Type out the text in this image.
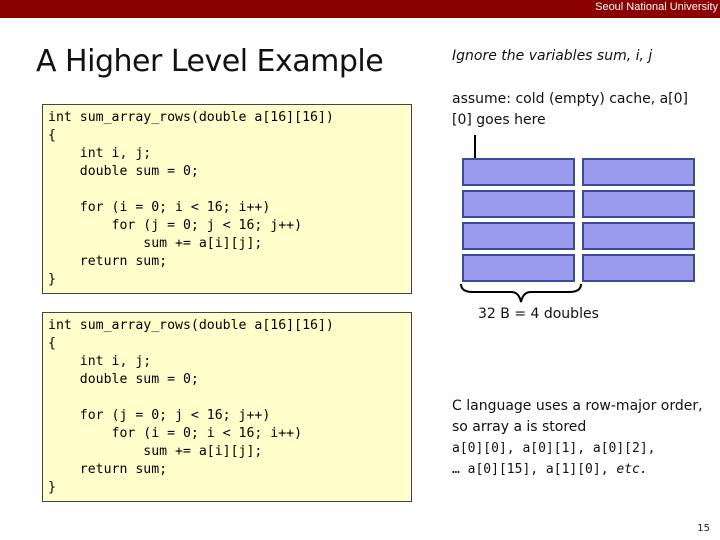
Seoul National University
A Higher Level Example
int sum_array_rows(double a[16][16])
{
int i, j;
double sum = 0;

for (i = 0; i < 16; i++)
for (j = 0; j < 16; j++)
sum += a[i][j];
return sum;
}
int sum_array_rows(double a[16][16])
{
int i, j;
double sum = 0;

for (j = 0; j < 16; j++)
for (i = 0; i < 16; i++)
sum += a[i][j];
return sum;
}
Ignore the variables sum, i, j
assume: cold (empty) cache, a[0][0] goes here
32 B = 4 doubles
C language uses a row-major order, so array a is stored
a[0][0], a[0][1], a[0][2],
… a[0][15], a[1][0], etc.
15
